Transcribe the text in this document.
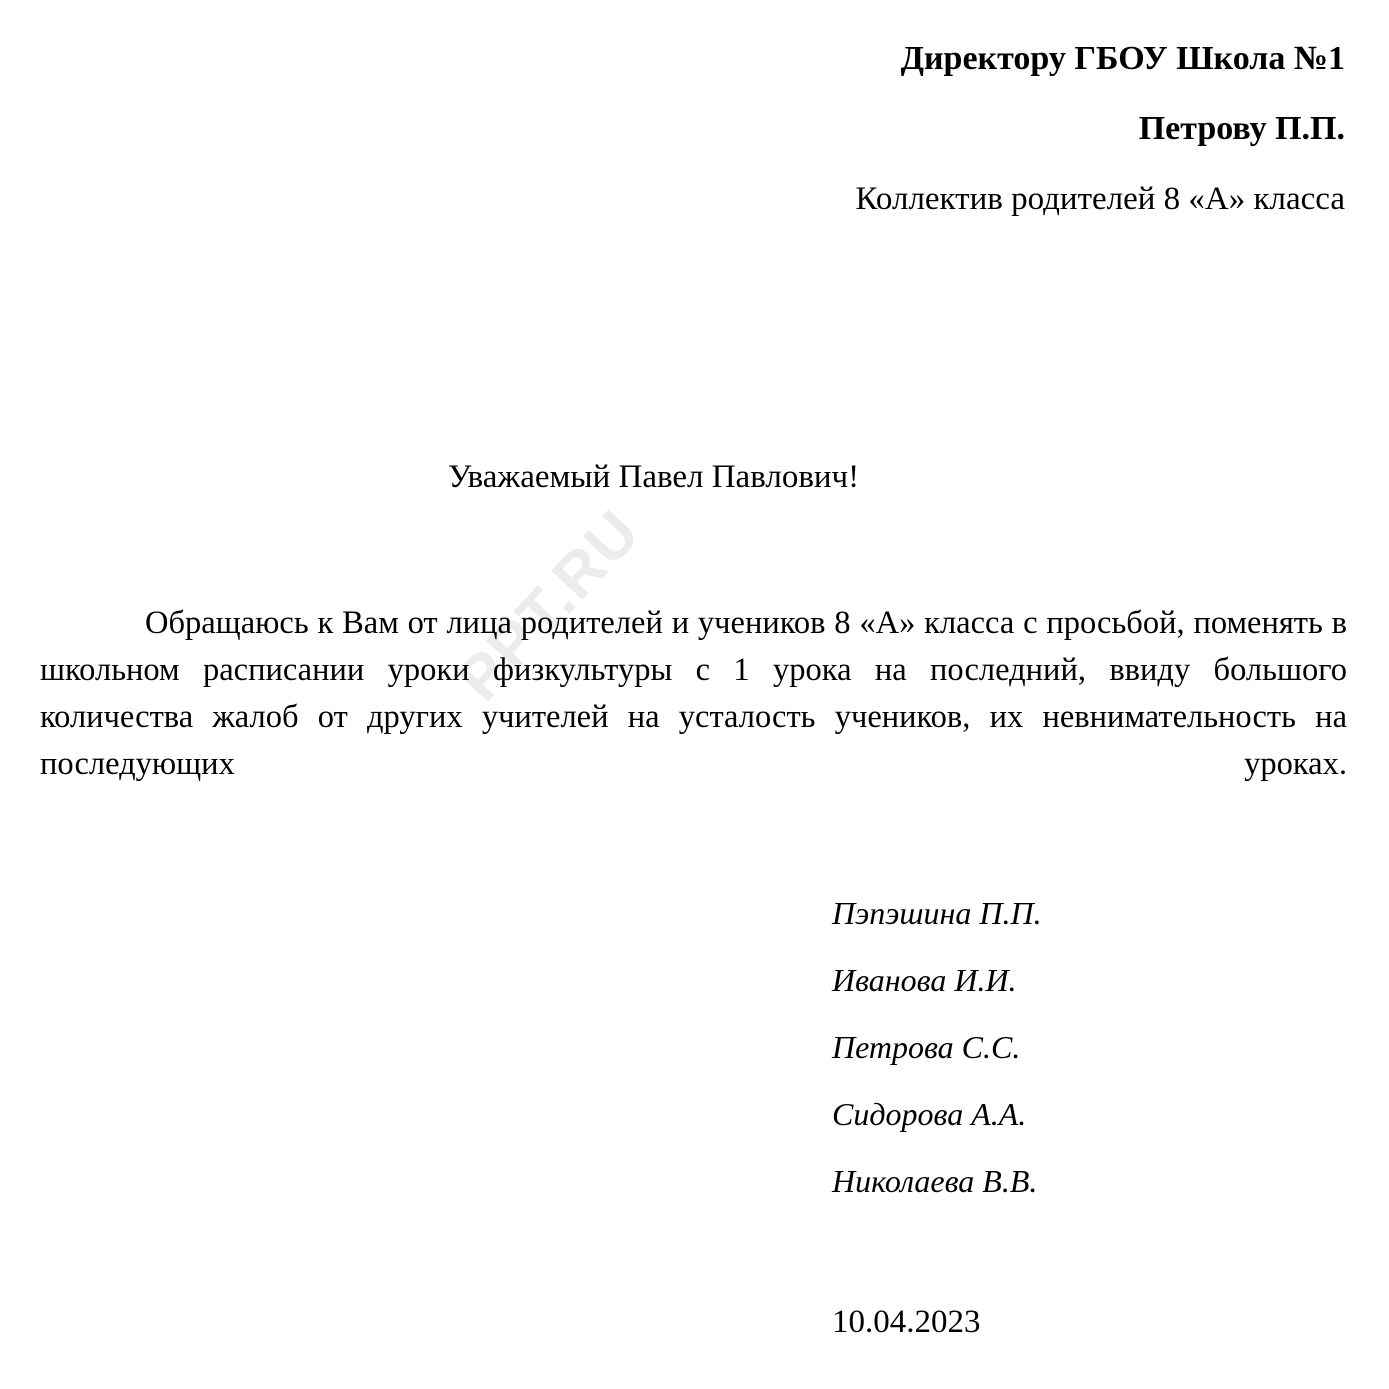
PPT.RU
Директору ГБОУ Школа №1
Петрову П.П.
Коллектив родителей 8 «А» класса
Уважаемый Павел Павлович!
Обращаюсь к Вам от лица родителей и учеников 8 «А» класса с просьбой, поменять в школьном расписании уроки физкультуры с 1 урока на последний, ввиду большого количества жалоб от других учителей на усталость учеников, их невнимательность на последующих уроках.
Пэпэшина П.П.
Иванова И.И.
Петрова С.С.
Сидорова А.А.
Николаева В.В.
10.04.2023
